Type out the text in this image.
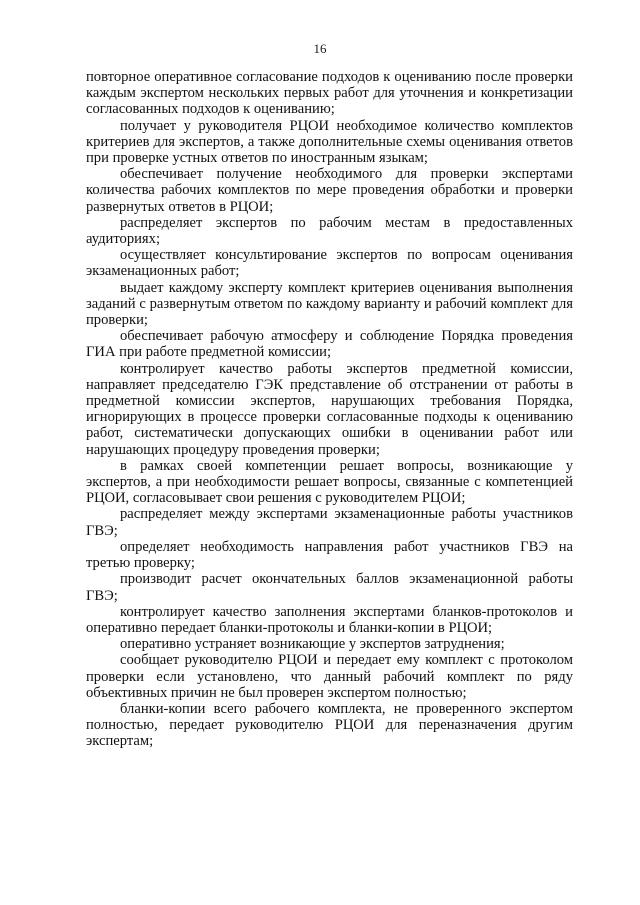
16

повторное оперативное согласование подходов к оцениванию после проверки каждым экспертом нескольких первых работ для уточнения и конкретизации согласованных подходов к оцениванию;

получает у руководителя РЦОИ необходимое количество комплектов критериев для экспертов, а также дополнительные схемы оценивания ответов при проверке устных ответов по иностранным языкам;

обеспечивает получение необходимого для проверки экспертами количества рабочих комплектов по мере проведения обработки и проверки развернутых ответов в РЦОИ;

распределяет экспертов по рабочим местам в предоставленных аудиториях;

осуществляет консультирование экспертов по вопросам оценивания экзаменационных работ;

выдает каждому эксперту комплект критериев оценивания выполнения заданий с развернутым ответом по каждому варианту и рабочий комплект для проверки;

обеспечивает рабочую атмосферу и соблюдение Порядка проведения ГИА при работе предметной комиссии;

контролирует качество работы экспертов предметной комиссии, направляет председателю ГЭК представление об отстранении от работы в предметной комиссии экспертов, нарушающих требования Порядка, игнорирующих в процессе проверки согласованные подходы к оцениванию работ, систематически допускающих ошибки в оценивании работ или нарушающих процедуру проведения проверки;

в рамках своей компетенции решает вопросы, возникающие у экспертов, а при необходимости решает вопросы, связанные с компетенцией РЦОИ, согласовывает свои решения с руководителем РЦОИ;

распределяет между экспертами экзаменационные работы участников ГВЭ;

определяет необходимость направления работ участников ГВЭ на третью проверку;

производит расчет окончательных баллов экзаменационной работы ГВЭ;

контролирует качество заполнения экспертами бланков-протоколов и оперативно передает бланки-протоколы и бланки-копии в РЦОИ;

оперативно устраняет возникающие у экспертов затруднения;

сообщает руководителю РЦОИ и передает ему комплект с протоколом проверки если установлено, что данный рабочий комплект по ряду объективных причин не был проверен экспертом полностью;

бланки-копии всего рабочего комплекта, не проверенного экспертом полностью, передает руководителю РЦОИ для переназначения другим экспертам;
